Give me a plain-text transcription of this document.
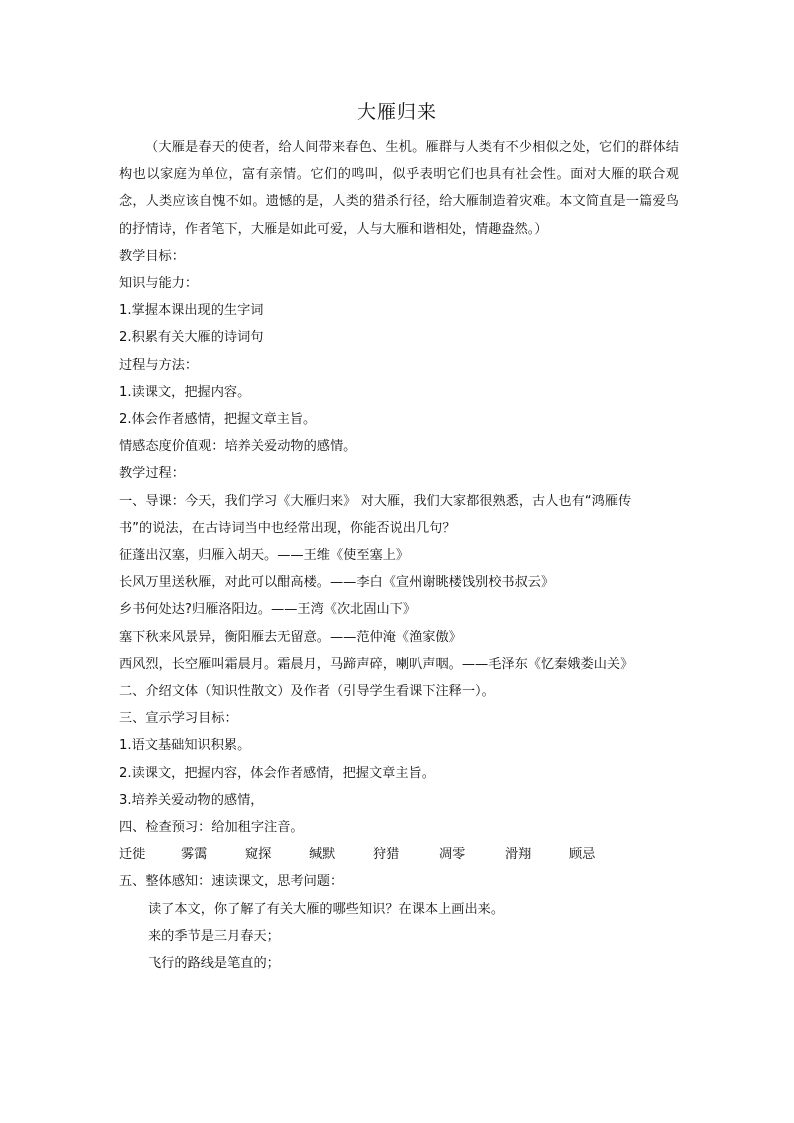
大雁归来

（大雁是春天的使者，给人间带来春色、生机。雁群与人类有不少相似之处，它们的群体结构也以家庭为单位，富有亲情。它们的鸣叫，似乎表明它们也具有社会性。面对大雁的联合观念，人类应该自愧不如。遗憾的是，人类的猎杀行径，给大雁制造着灾难。本文简直是一篇爱鸟的抒情诗，作者笔下，大雁是如此可爱，人与大雁和谐相处，情趣盎然。）

教学目标：

知识与能力：

1.掌握本课出现的生字词

2.积累有关大雁的诗词句

过程与方法：

1.读课文，把握内容。

2.体会作者感情，把握文章主旨。

情感态度价值观：培养关爱动物的感情。

教学过程：

一、导课：今天，我们学习《大雁归来》 对大雁，我们大家都很熟悉，古人也有“鸿雁传

书”的说法，在古诗词当中也经常出现，你能否说出几句？

征蓬出汉塞，归雁入胡天。——王维《使至塞上》

长风万里送秋雁，对此可以酣高楼。——李白《宣州谢眺楼饯别校书叔云》

乡书何处达?归雁洛阳边。——王湾《次北固山下》

塞下秋来风景异，衡阳雁去无留意。——范仲淹《渔家傲》

西风烈，长空雁叫霜晨月。霜晨月，马蹄声碎，喇叭声咽。——毛泽东《忆秦娥娄山关》

二、介绍文体（知识性散文）及作者（引导学生看课下注释一）。

三、宣示学习目标：

1.语文基础知识积累。

2.读课文，把握内容，体会作者感情，把握文章主旨。

3.培养关爱动物的感情，

四、检查预习：给加租字注音。

迁徙	雾霭	窥探	缄默	狩猎	凋零	滑翔	顾忌

五、整体感知：速读课文，思考问题：

读了本文，你了解了有关大雁的哪些知识？在课本上画出来。

来的季节是三月春天；

飞行的路线是笔直的；
